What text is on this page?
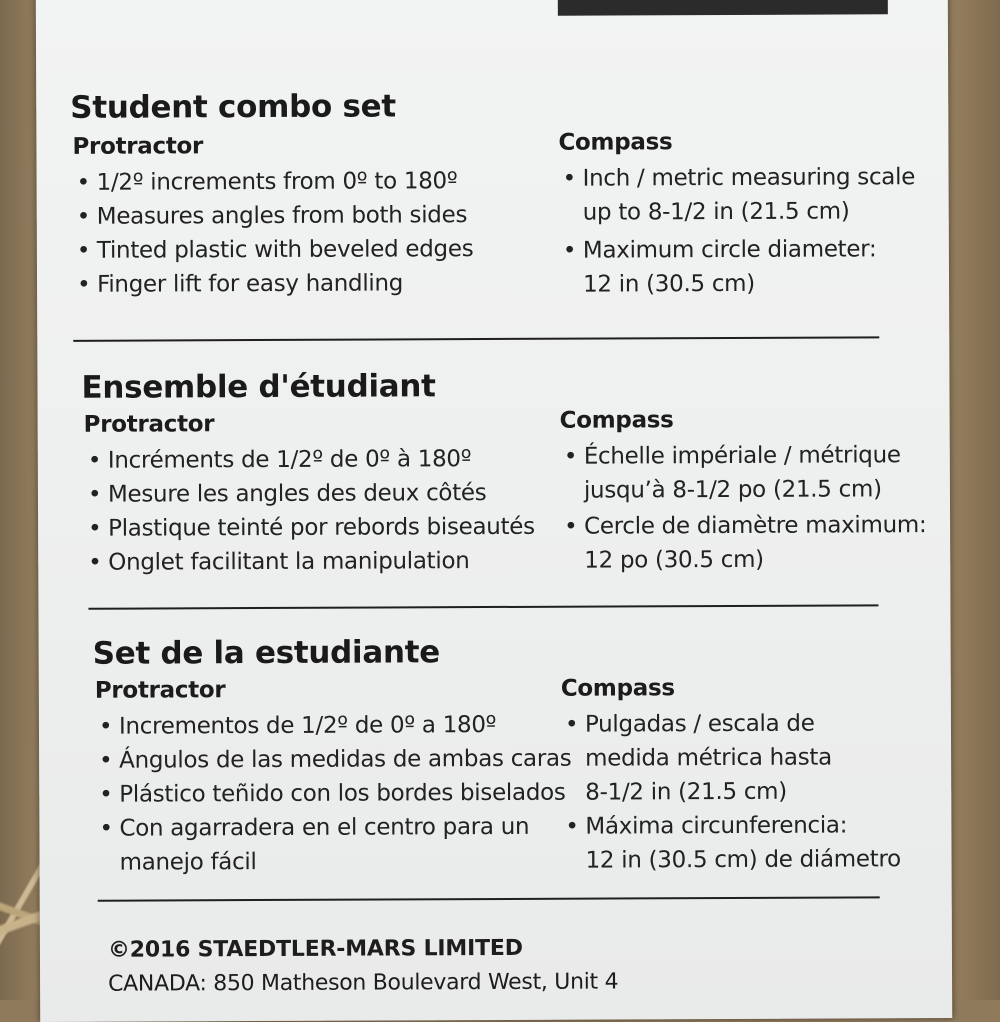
Student combo set
Protractor
• 1/2º increments from 0º to 180º
• Measures angles from both sides
• Tinted plastic with beveled edges
• Finger lift for easy handling
Compass
• Inch / metric measuring scale
up to 8-1/2 in (21.5 cm)
• Maximum circle diameter:
12 in (30.5 cm)
Ensemble d'étudiant
Protractor
• Incréments de 1/2º de 0º à 180º
• Mesure les angles des deux côtés
• Plastique teinté por rebords biseautés
• Onglet facilitant la manipulation
Compass
• Échelle impériale / métrique
jusqu’à 8-1/2 po (21.5 cm)
• Cercle de diamètre maximum:
12 po (30.5 cm)
Set de la estudiante
Protractor
• Incrementos de 1/2º de 0º a 180º
• Ángulos de las medidas de ambas caras
• Plástico teñido con los bordes biselados
• Con agarradera en el centro para un
manejo fácil
Compass
• Pulgadas / escala de
medida métrica hasta
8-1/2 in (21.5 cm)
• Máxima circunferencia:
12 in (30.5 cm) de diámetro
©2016 STAEDTLER-MARS LIMITED
CANADA: 850 Matheson Boulevard West, Unit 4
